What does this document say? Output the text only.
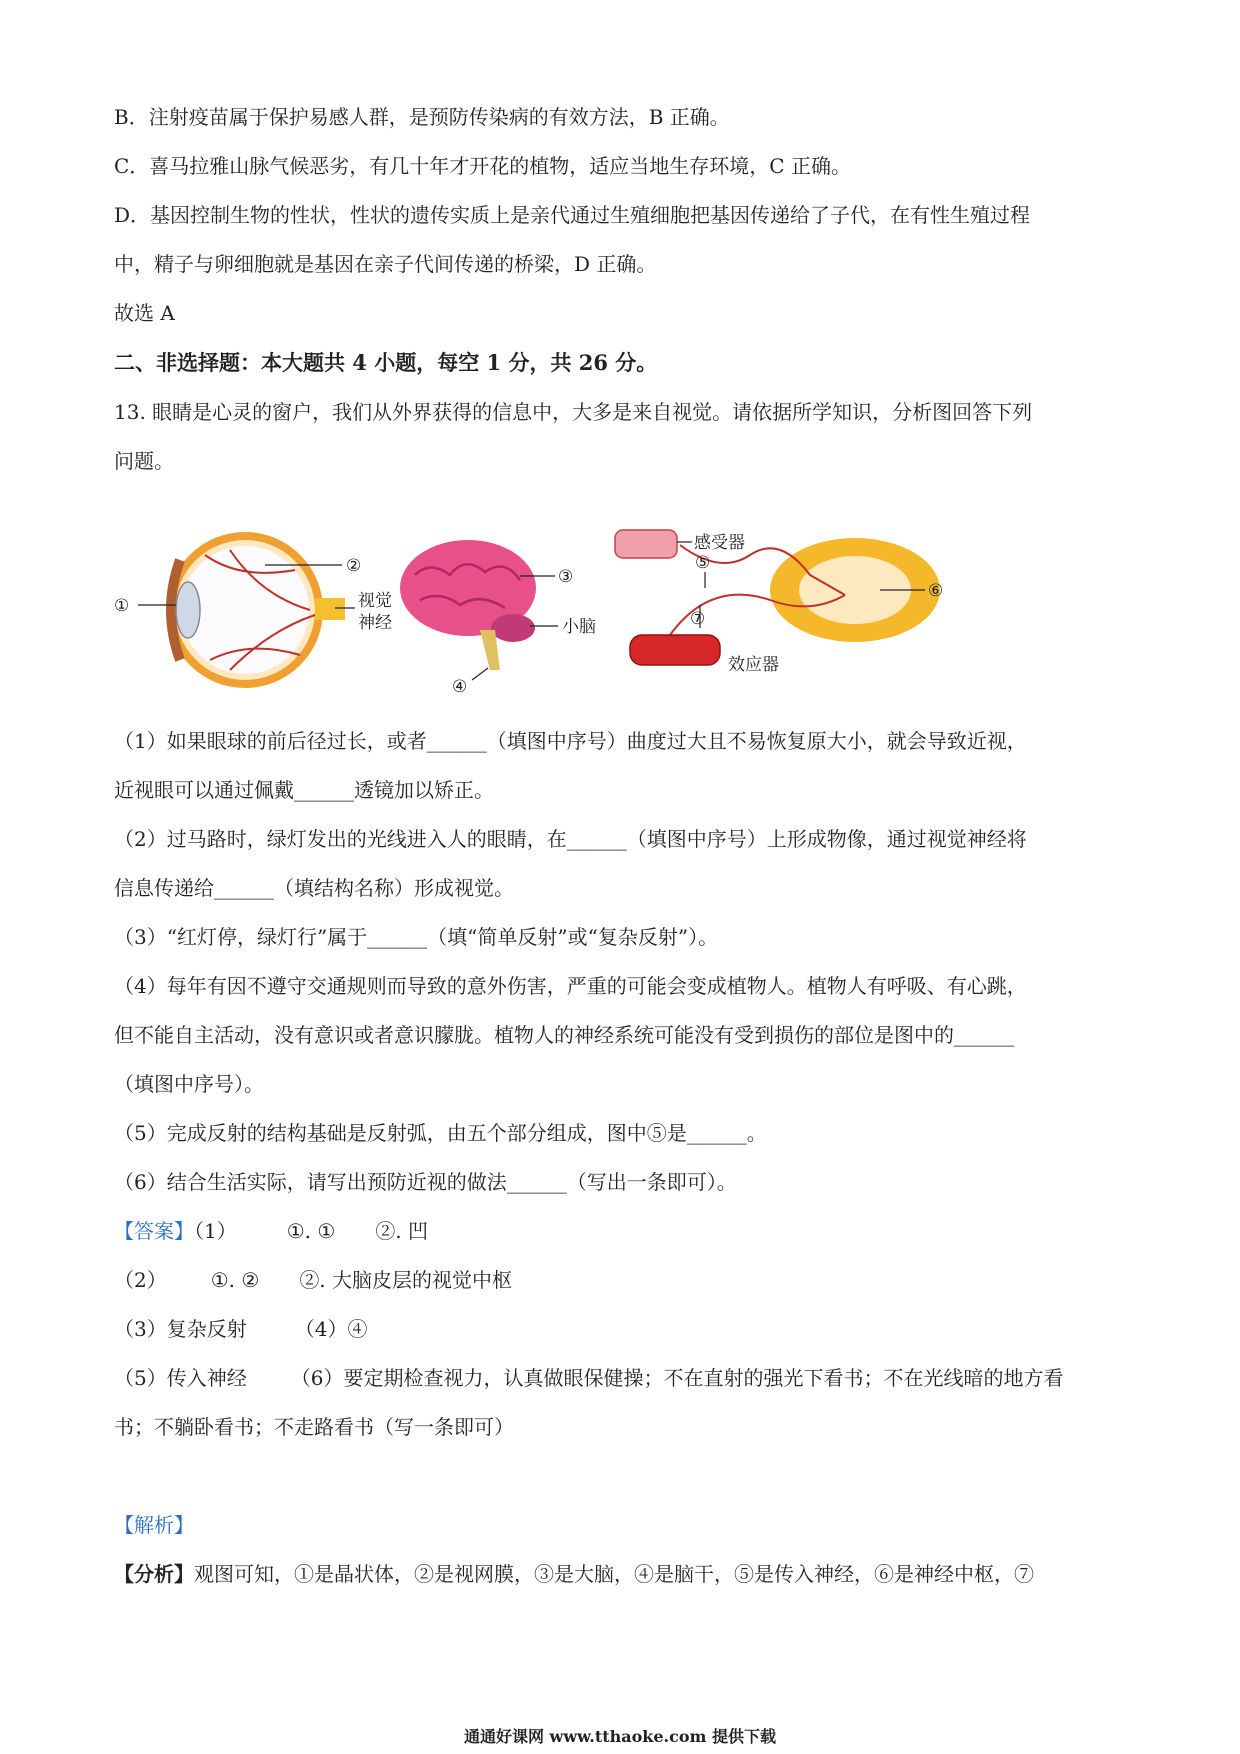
B．注射疫苗属于保护易感人群，是预防传染病的有效方法，B 正确。
C．喜马拉雅山脉气候恶劣，有几十年才开花的植物，适应当地生存环境，C 正确。
D．基因控制生物的性状，性状的遗传实质上是亲代通过生殖细胞把基因传递给了子代，在有性生殖过程
中，精子与卵细胞就是基因在亲子代间传递的桥梁，D 正确。
故选 A
二、非选择题：本大题共 4 小题，每空 1 分，共 26 分。
13. 眼睛是心灵的窗户，我们从外界获得的信息中，大多是来自视觉。请依据所学知识，分析图回答下列
问题。
①
②
视觉
神经
③
小脑
④
感受器
⑤
⑦
效应器
⑥
（1）如果眼球的前后径过长，或者______（填图中序号）曲度过大且不易恢复原大小，就会导致近视，
近视眼可以通过佩戴______透镜加以矫正。
（2）过马路时，绿灯发出的光线进入人的眼睛，在______（填图中序号）上形成物像，通过视觉神经将
信息传递给______（填结构名称）形成视觉。
（3）“红灯停，绿灯行”属于______（填“简单反射”或“复杂反射”）。
（4）每年有因不遵守交通规则而导致的意外伤害，严重的可能会变成植物人。植物人有呼吸、有心跳，
但不能自主活动，没有意识或者意识朦胧。植物人的神经系统可能没有受到损伤的部位是图中的______
（填图中序号）。
（5）完成反射的结构基础是反射弧，由五个部分组成，图中⑤是______。
（6）结合生活实际，请写出预防近视的做法______（写出一条即可）。
【答案】（1）	①. ① ②. 凹
（2） ①. ② ②. 大脑皮层的视觉中枢
（3）复杂反射 （4）④
（5）传入神经 （6）要定期检查视力，认真做眼保健操；不在直射的强光下看书；不在光线暗的地方看
书；不躺卧看书；不走路看书（写一条即可）
【解析】
【分析】观图可知，①是晶状体，②是视网膜，③是大脑，④是脑干，⑤是传入神经，⑥是神经中枢，⑦
通通好课网 www.tthaoke.com 提供下载
